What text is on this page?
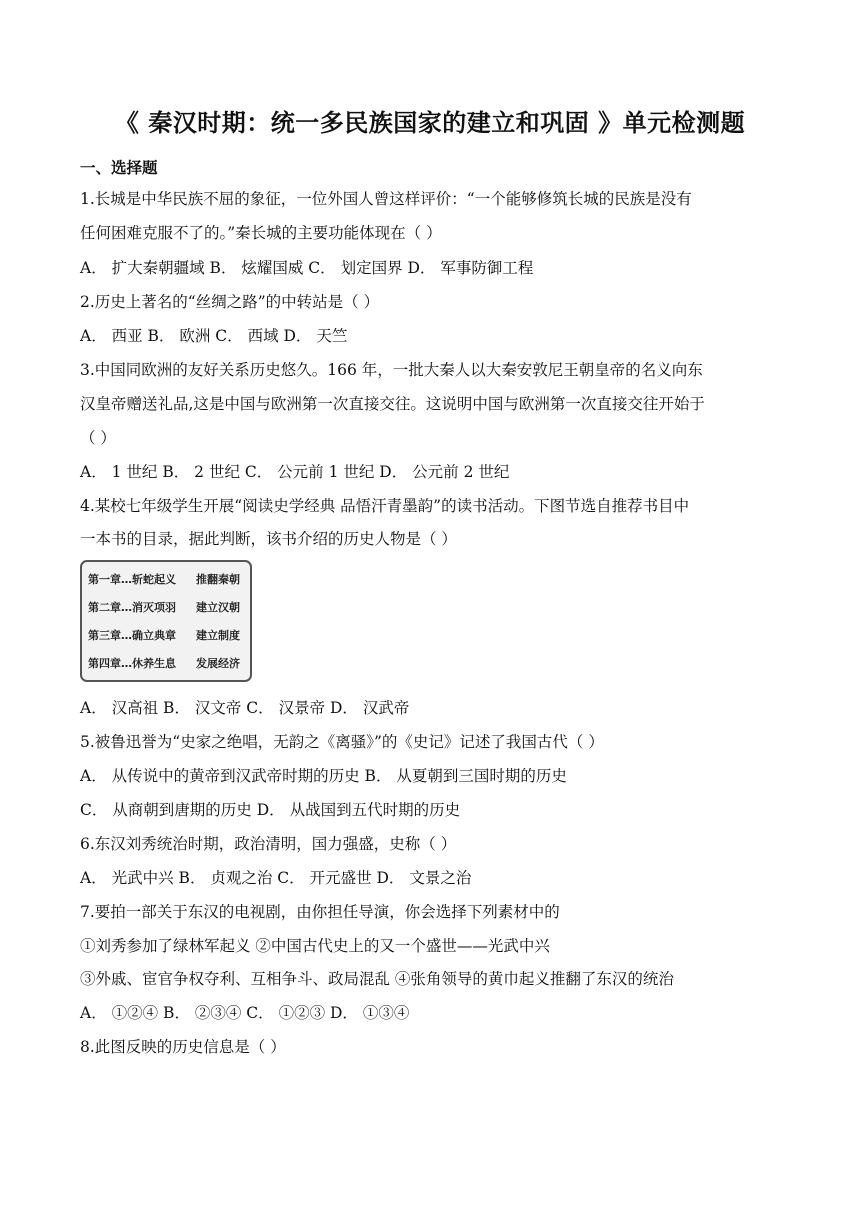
《 秦汉时期：统一多民族国家的建立和巩固 》单元检测题
一、选择题
1.长城是中华民族不屈的象征，一位外国人曾这样评价：“一个能够修筑长城的民族是没有
任何困难克服不了的。”秦长城的主要功能体现在（ ）
A． 扩大秦朝疆域 B． 炫耀国威 C． 划定国界 D． 军事防御工程
2.历史上著名的“丝绸之路”的中转站是（ ）
A． 西亚 B． 欧洲 C． 西域 D． 天竺
3.中国同欧洲的友好关系历史悠久。166 年，一批大秦人以大秦安敦尼王朝皇帝的名义向东
汉皇帝赠送礼品,这是中国与欧洲第一次直接交往。这说明中国与欧洲第一次直接交往开始于
（ ）
A． 1 世纪 B． 2 世纪 C． 公元前 1 世纪 D． 公元前 2 世纪
4.某校七年级学生开展“阅读史学经典 品悟汗青墨韵”的读书活动。下图节选自推荐书目中
一本书的目录，据此判断，该书介绍的历史人物是（ ）
第一章…斩蛇起义 推翻秦朝
第二章…消灭项羽 建立汉朝
第三章…确立典章 建立制度
第四章…休养生息 发展经济
A． 汉高祖 B． 汉文帝 C． 汉景帝 D． 汉武帝
5.被鲁迅誉为“史家之绝唱，无韵之《离骚》”的《史记》记述了我国古代（ ）
A． 从传说中的黄帝到汉武帝时期的历史 B． 从夏朝到三国时期的历史
C． 从商朝到唐期的历史 D． 从战国到五代时期的历史
6.东汉刘秀统治时期，政治清明，国力强盛，史称（ ）
A． 光武中兴 B． 贞观之治 C． 开元盛世 D． 文景之治
7.要拍一部关于东汉的电视剧，由你担任导演，你会选择下列素材中的
①刘秀参加了绿林军起义 ②中国古代史上的又一个盛世——光武中兴
③外戚、宦官争权夺利、互相争斗、政局混乱 ④张角领导的黄巾起义推翻了东汉的统治
A． ①②④ B． ②③④ C． ①②③ D． ①③④
8.此图反映的历史信息是（ ）
